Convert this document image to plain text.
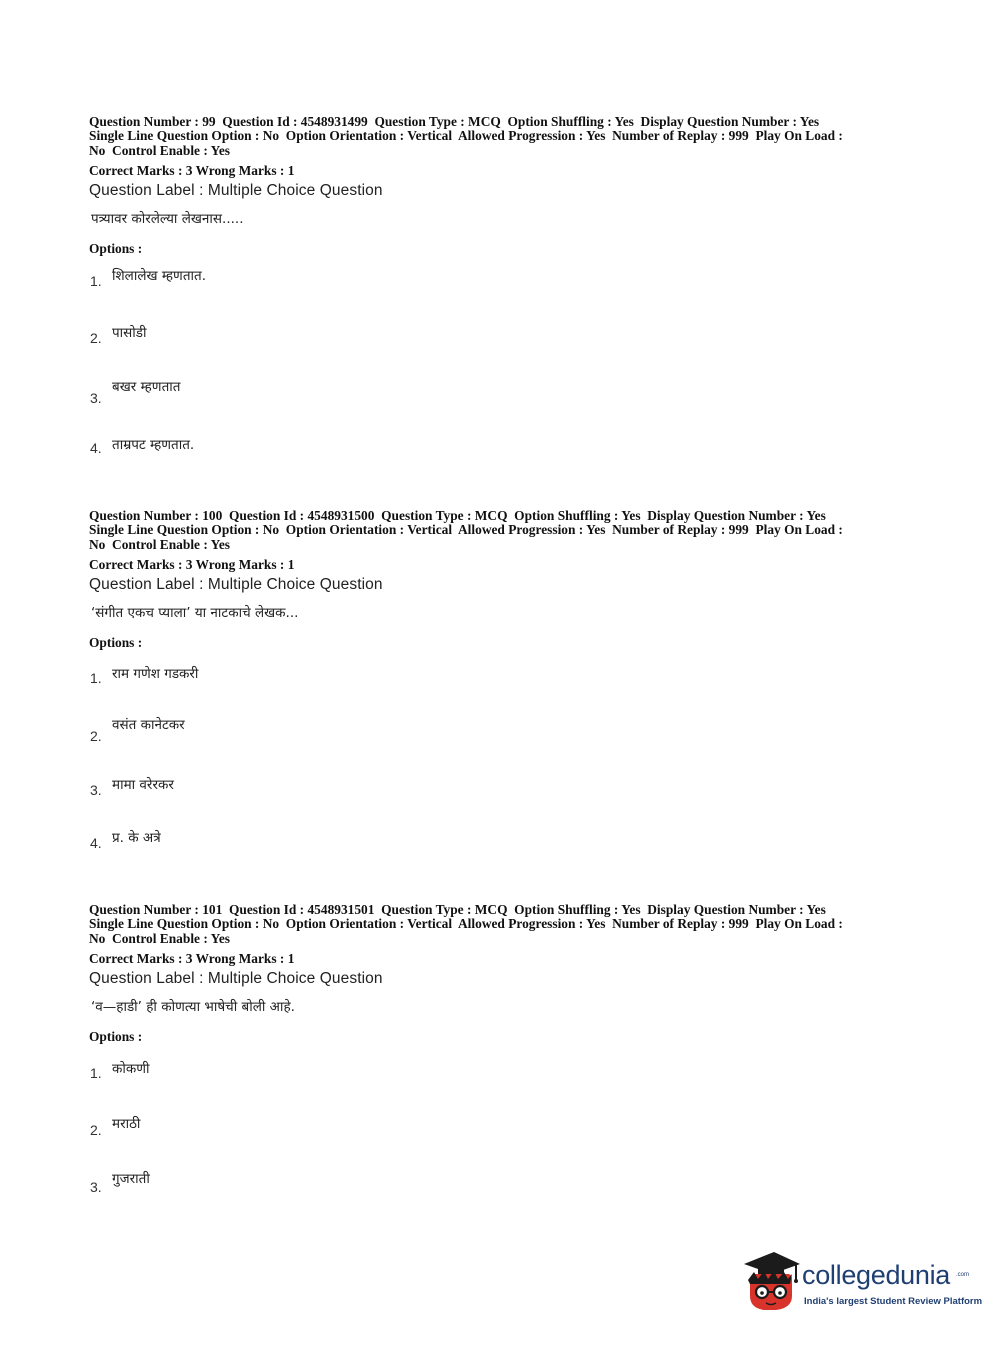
Question Number : 99  Question Id : 4548931499  Question Type : MCQ  Option Shuffling : Yes  Display Question Number : Yes
Single Line Question Option : No  Option Orientation : Vertical  Allowed Progression : Yes  Number of Replay : 999  Play On Load :
No  Control Enable : Yes
Correct Marks : 3 Wrong Marks : 1
Question Label : Multiple Choice Question
पत्र्यावर कोरलेल्या लेखनास.....
Options :
1. शिलालेख म्हणतात.
2. पासोडी
3.
बखर म्हणतात
4. ताम्रपट म्हणतात.
Question Number : 100  Question Id : 4548931500  Question Type : MCQ  Option Shuffling : Yes  Display Question Number : Yes
Single Line Question Option : No  Option Orientation : Vertical  Allowed Progression : Yes  Number of Replay : 999  Play On Load :
No  Control Enable : Yes
Correct Marks : 3 Wrong Marks : 1
Question Label : Multiple Choice Question
‘संगीत एकच प्याला’ या नाटकाचे लेखक...
Options :
1. राम गणेश गडकरी
2.
वसंत कानेटकर
3. मामा वरेरकर
4. प्र. के अत्रे
Question Number : 101  Question Id : 4548931501  Question Type : MCQ  Option Shuffling : Yes  Display Question Number : Yes
Single Line Question Option : No  Option Orientation : Vertical  Allowed Progression : Yes  Number of Replay : 999  Play On Load :
No  Control Enable : Yes
Correct Marks : 3 Wrong Marks : 1
Question Label : Multiple Choice Question
‘व—हाडी’ ही कोणत्या भाषेची बोली आहे.
Options :
1. कोकणी
2. मराठी
3. गुजराती
collegedunia .com
India's largest Student Review Platform
